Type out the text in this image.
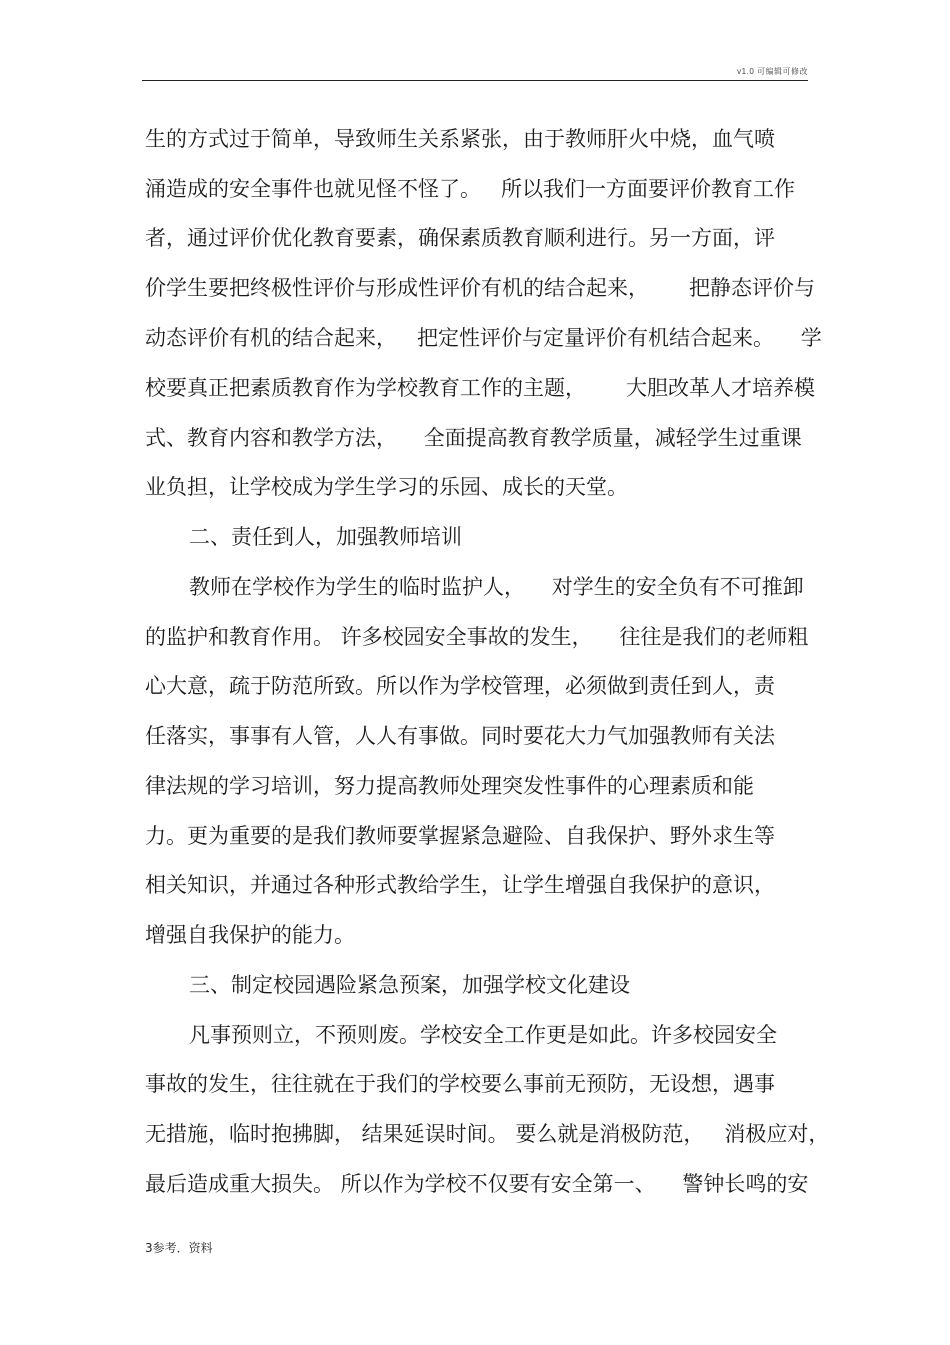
v1.0 可编辑可修改
生的方式过于简单，导致师生关系紧张，由于教师肝火中烧，血气喷
涌造成的安全事件也就见怪不怪了。   所以我们一方面要评价教育工作
者，通过评价优化教育要素，确保素质教育顺利进行。另一方面，评
价学生要把终极性评价与形成性评价有机的结合起来，      把静态评价与
动态评价有机的结合起来，   把定性评价与定量评价有机结合起来。    学
校要真正把素质教育作为学校教育工作的主题，      大胆改革人才培养模
式、教育内容和教学方法，    全面提高教育教学质量，减轻学生过重课
业负担，让学校成为学生学习的乐园、成长的天堂。
二、责任到人，加强教师培训
教师在学校作为学生的临时监护人，    对学生的安全负有不可推卸
的监护和教育作用。 许多校园安全事故的发生，    往往是我们的老师粗
心大意，疏于防范所致。所以作为学校管理，必须做到责任到人，责
任落实，事事有人管，人人有事做。同时要花大力气加强教师有关法
律法规的学习培训，努力提高教师处理突发性事件的心理素质和能
力。更为重要的是我们教师要掌握紧急避险、自我保护、野外求生等
相关知识，并通过各种形式教给学生，让学生增强自我保护的意识，
增强自我保护的能力。
三、制定校园遇险紧急预案，加强学校文化建设
凡事预则立，不预则废。学校安全工作更是如此。许多校园安全
事故的发生，往往就在于我们的学校要么事前无预防，无设想，遇事
无措施，临时抱拂脚， 结果延误时间。 要么就是消极防范，   消极应对，
最后造成重大损失。 所以作为学校不仅要有安全第一、    警钟长鸣的安
3参考．资料
